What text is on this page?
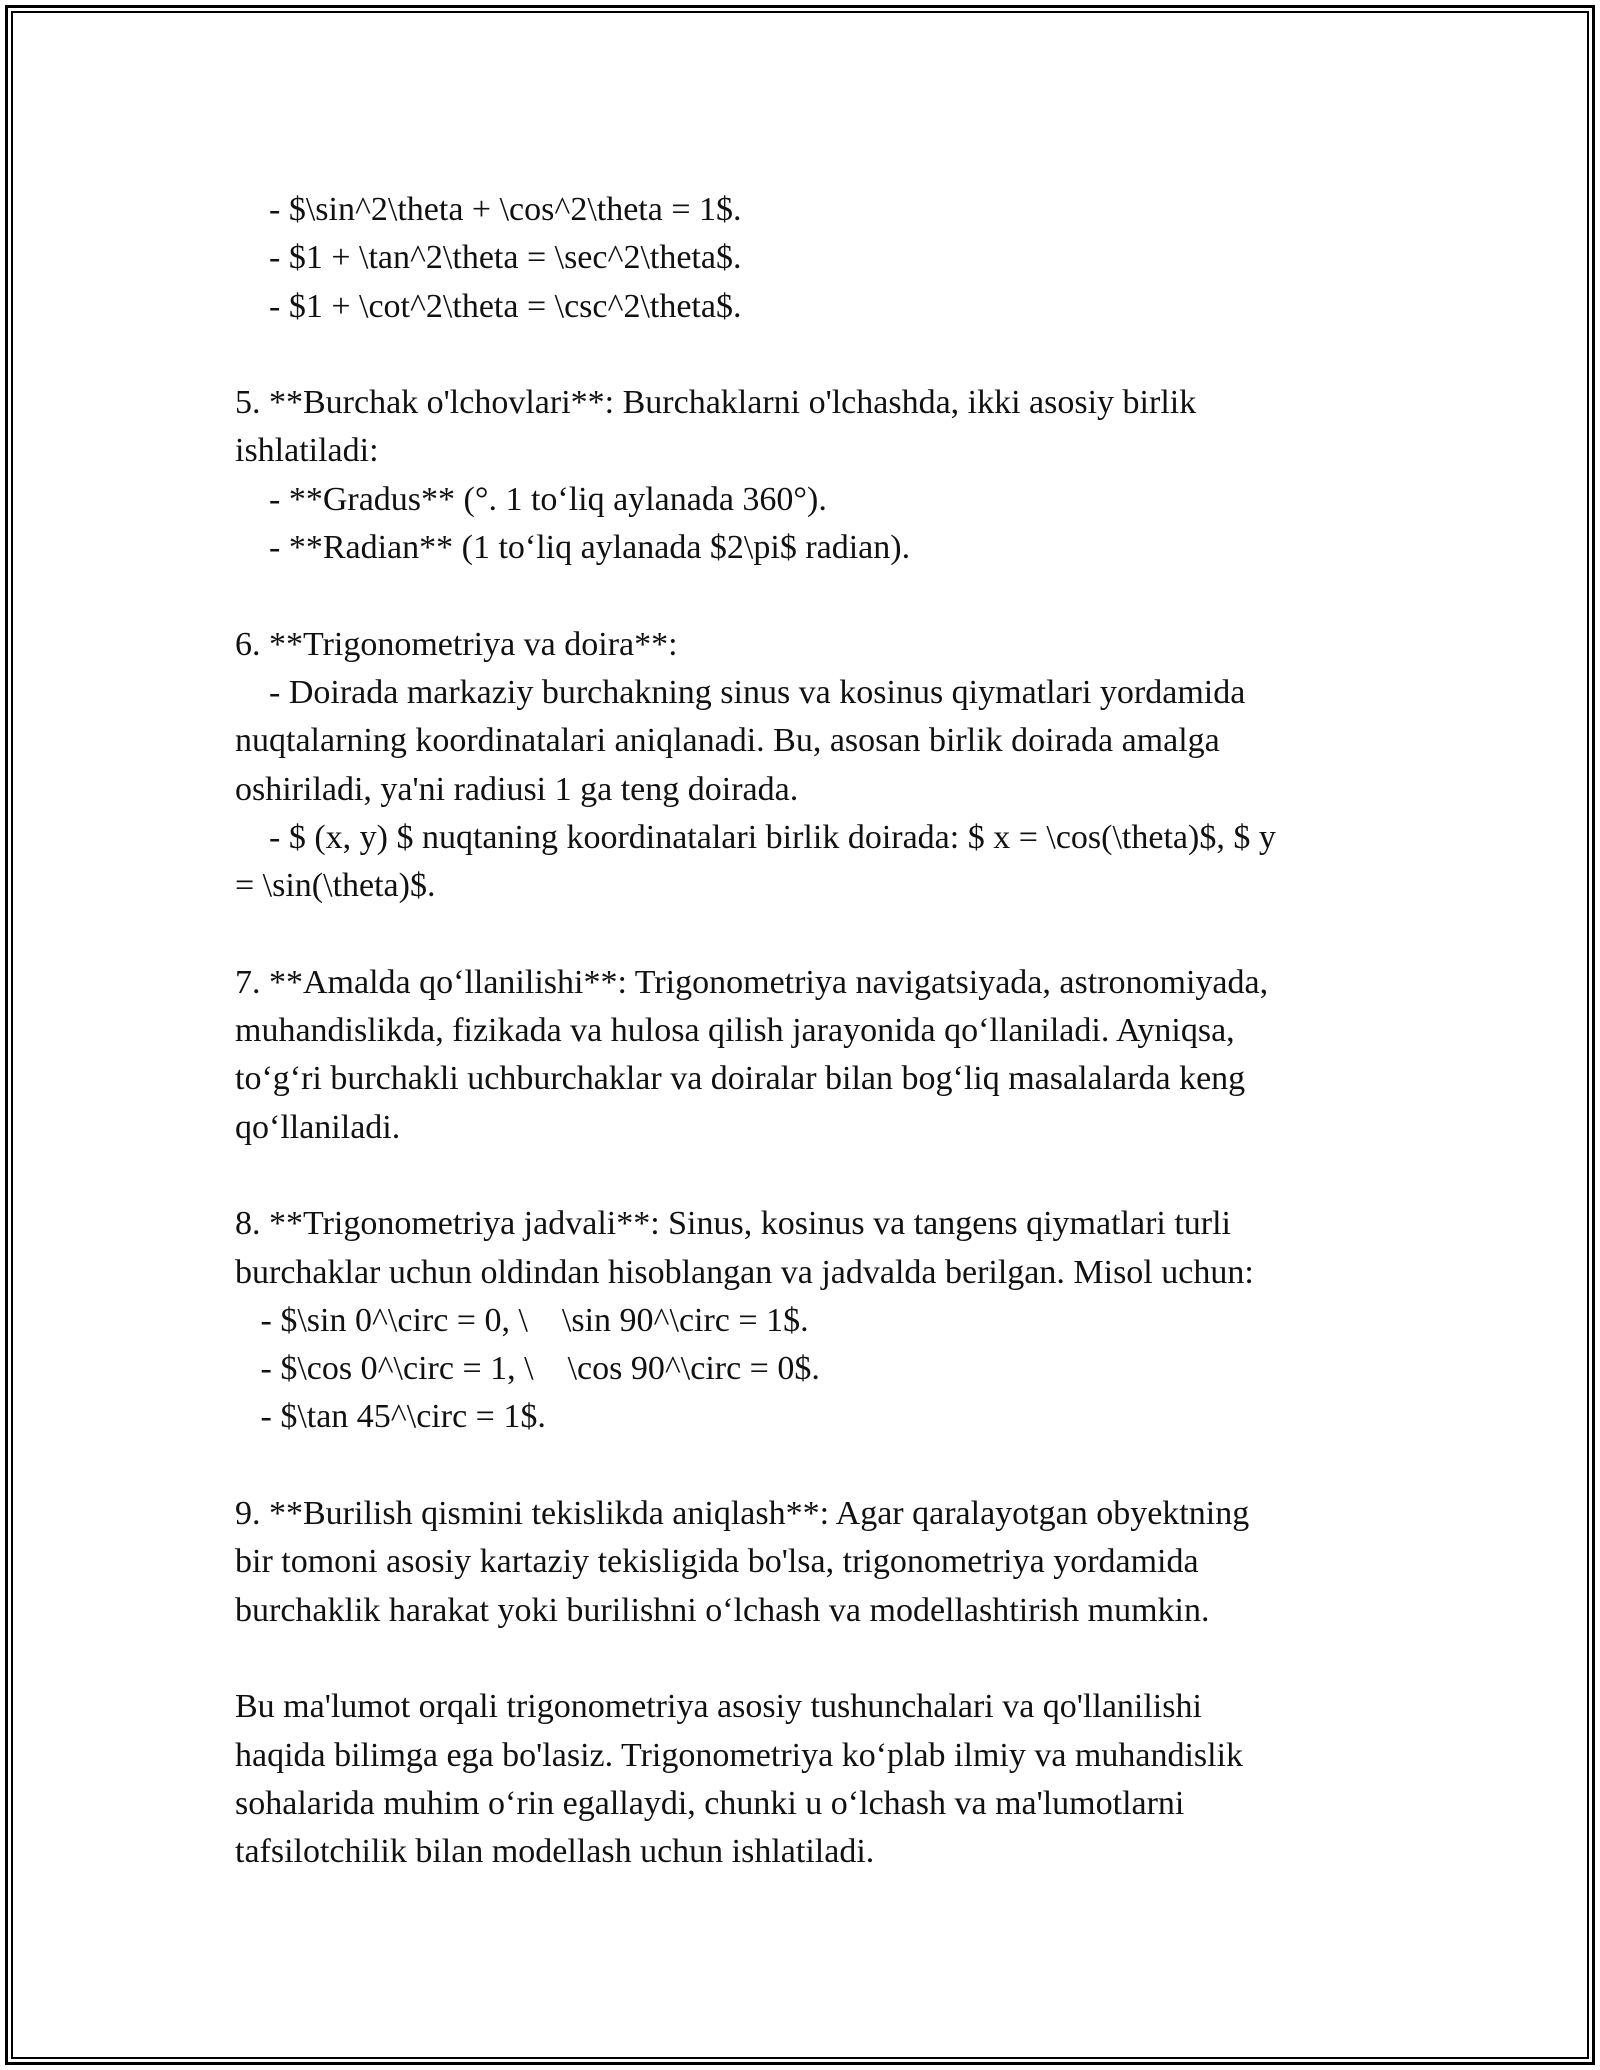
- $\sin^2\theta + \cos^2\theta = 1$.
- $1 + \tan^2\theta = \sec^2\theta$.
- $1 + \cot^2\theta = \csc^2\theta$.
5. **Burchak o'lchovlari**: Burchaklarni o'lchashda, ikki asosiy birlik
ishlatiladi:
- **Gradus** (°. 1 to‘liq aylanada 360°).
- **Radian** (1 to‘liq aylanada $2\pi$ radian).
6. **Trigonometriya va doira**:
- Doirada markaziy burchakning sinus va kosinus qiymatlari yordamida
nuqtalarning koordinatalari aniqlanadi. Bu, asosan birlik doirada amalga
oshiriladi, ya'ni radiusi 1 ga teng doirada.
- $ (x, y) $ nuqtaning koordinatalari birlik doirada: $ x = \cos(\theta)$, $ y
= \sin(\theta)$.
7. **Amalda qo‘llanilishi**: Trigonometriya navigatsiyada, astronomiyada,
muhandislikda, fizikada va hulosa qilish jarayonida qo‘llaniladi. Ayniqsa,
to‘g‘ri burchakli uchburchaklar va doiralar bilan bog‘liq masalalarda keng
qo‘llaniladi.
8. **Trigonometriya jadvali**: Sinus, kosinus va tangens qiymatlari turli
burchaklar uchun oldindan hisoblangan va jadvalda berilgan. Misol uchun:
- $\sin 0^\circ = 0, \    \sin 90^\circ = 1$.
- $\cos 0^\circ = 1, \    \cos 90^\circ = 0$.
- $\tan 45^\circ = 1$.
9. **Burilish qismini tekislikda aniqlash**: Agar qaralayotgan obyektning
bir tomoni asosiy kartaziy tekisligida bo'lsa, trigonometriya yordamida
burchaklik harakat yoki burilishni o‘lchash va modellashtirish mumkin.
Bu ma'lumot orqali trigonometriya asosiy tushunchalari va qo'llanilishi
haqida bilimga ega bo'lasiz. Trigonometriya ko‘plab ilmiy va muhandislik
sohalarida muhim o‘rin egallaydi, chunki u o‘lchash va ma'lumotlarni
tafsilotchilik bilan modellash uchun ishlatiladi.
